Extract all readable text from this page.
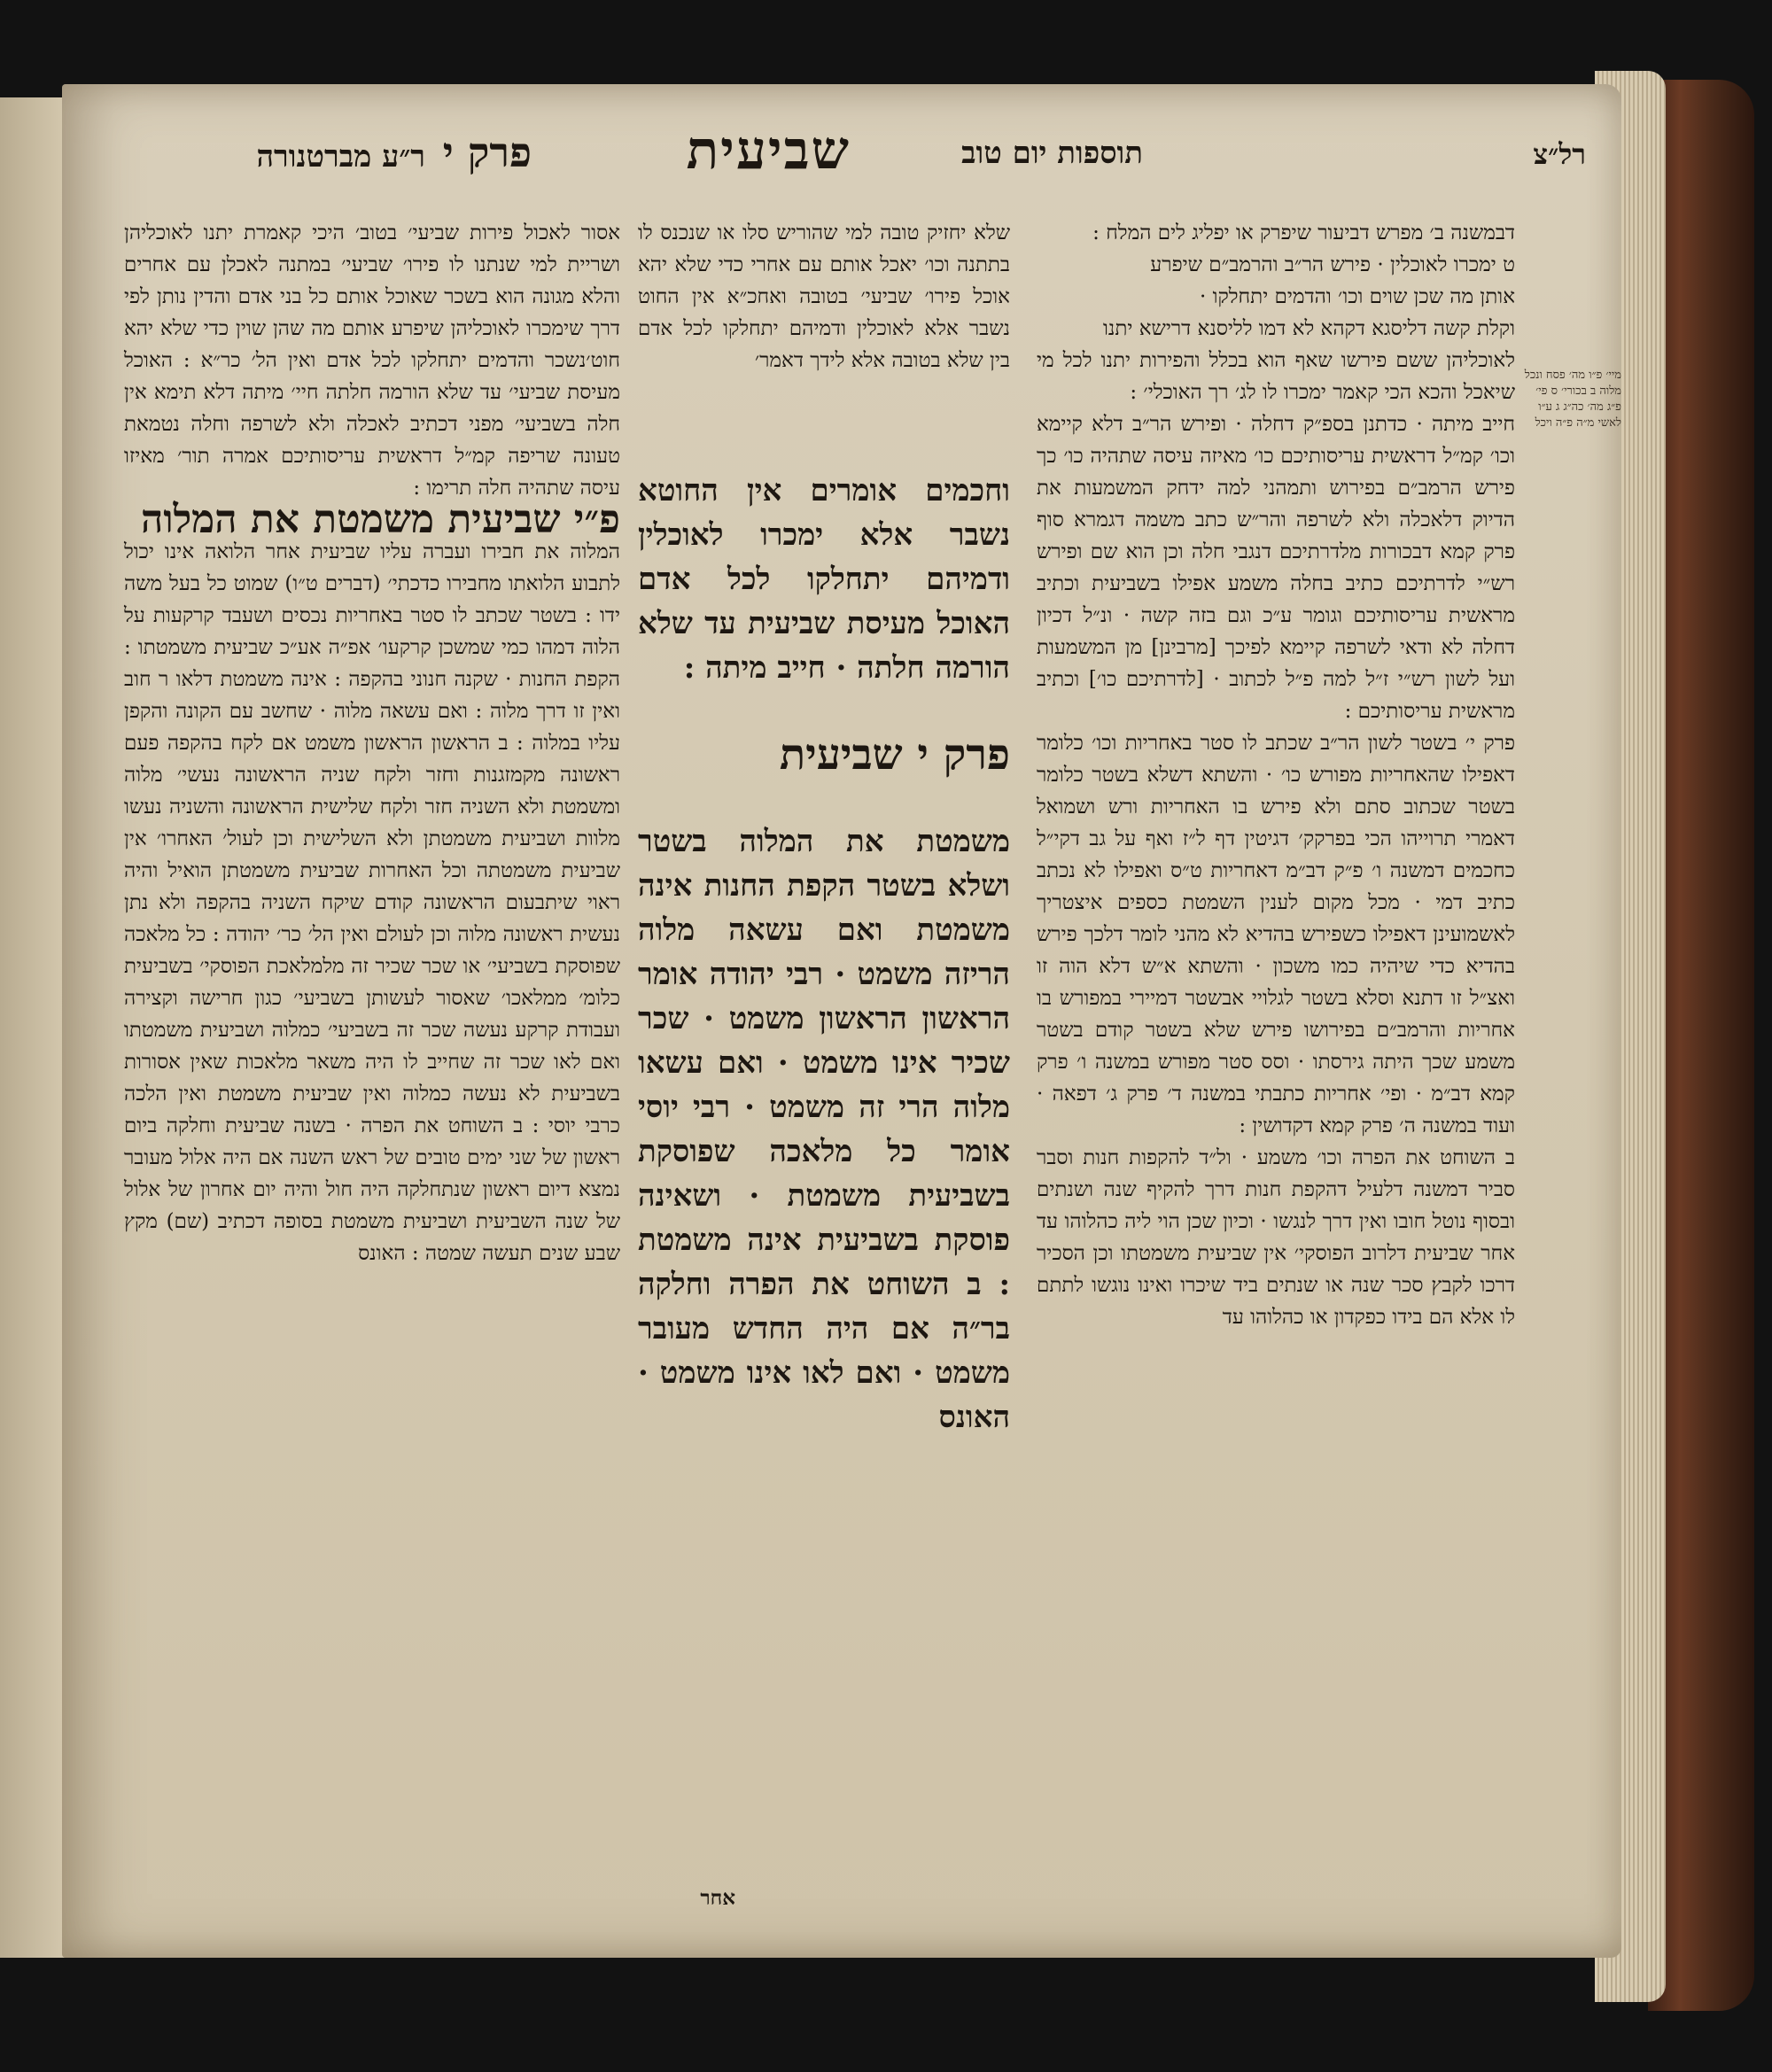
רל״צ
תוספות יום טוב
שביעית
פרק י
ר״ע מברטנורה
מיי׳ פ״ו מה׳ פסח ונכל מלוה ב בכורי׳ ס פי׳ פ״ג מה׳ כה״ג ג ע״ו לאשי מ״ה פ״ה ויכל

דבמשנה ב׳ מפרש דביעור שיפרק או יפליג לים המלח :

ט ימכרו לאוכלין · פירש הר״ב והרמב״ם שיפרע

אותן מה שכן שוים וכו׳ והדמים יתחלקו ·

וקלת קשה דליסגא דקהא לא דמו לליסנא דרישא יתנו

לאוכליהן ששם פירשו שאף הוא בכלל והפירות יתנו לכל מי שיאכל והכא הכי קאמר ימכרו לו לג׳ רך האוכלי׳ :

חייב מיתה · כדתנן בספ״ק דחלה · ופירש הר״ב דלא קיימא וכו׳ קמ״ל דראשית עריסותיכם כו׳ מאיזה עיסה שתהיה כו׳ כך פירש הרמב״ם בפירוש ותמהני למה ידחק המשמעות את הדיוק דלאכלה ולא לשרפה והר״ש כתב משמה דגמרא סוף פרק קמא דבכורות מלדרתיכם דנגבי חלה וכן הוא שם ופירש רש״י לדרתיכם כתיב בחלה משמע אפילו בשביעית וכתיב מראשית עריסותיכם וגומר ע״כ וגם בזה קשה · ונ״ל דכיון דחלה לא ודאי לשרפה קיימא לפיכך [מרבינן] מן המשמעות ועל לשון רש״י ז״ל למה פ״ל לכתוב · [לדרתיכם כו׳] וכתיב מראשית עריסותיכם :

פרק י׳ בשטר לשון הר״ב שכתב לו סטר באחריות וכו׳ כלומר דאפילו שהאחריות מפורש כו׳ · והשתא דשלא בשטר כלומר בשטר שכתוב סתם ולא פירש בו האחריות ורש ושמואל דאמרי תרוייהו הכי בפרקק׳ דגיטין דף ל״ז ואף על גב דקי״ל כחכמים דמשנה ו׳ פ״ק דב״מ דאחריות ט״ס ואפילו לא נכתב כתיב דמי · מכל מקום לענין השמטת כספים איצטריך לאשמועינן דאפילו כשפירש בהדיא לא מהני לומר דלכך פירש בהדיא כדי שיהיה כמו משכון · והשתא א״ש דלא הוה זו ואצ״ל זו דתנא וסלא בשטר לגלויי אבשטר דמיירי במפורש בו אחריות והרמב״ם בפירושו פירש שלא בשטר קודם בשטר משמע שכך היתה גירסתו · וסס סטר מפורש במשנה ו׳ פרק קמא דב״מ · ופי׳ אחריות כתבתי במשנה ד׳ פרק ג׳ דפאה · ועוד במשנה ה׳ פרק קמא דקדושין :

ב השוחט את הפרה וכו׳ משמע · ול״ד להקפות חנות וסבר סביר דמשנה דלעיל דהקפת חנות דרך להקיף שנה ושנתים ובסוף נוטל חובו ואין דרך לנגשו · וכיון שכן הוי ליה כהלוהו עד אחר שביעית דלרוב הפוסקי׳ אין שביעית משמטתו וכן הסכיר דרכו לקבץ סכר שנה או שנתים ביד שיכרו ואינו נוגשו לתתם לו אלא הם בידו כפקדון או כהלוהו עד

שלא יחזיק טובה למי שהוריש סלו או שנכנס לו בתתנה וכו׳ יאכל אותם עם אחרי כדי שלא יהא אוכל פירו׳ שביעי׳ בטובה ואחכ״א אין החוט נשבר אלא לאוכלין ודמיהם יתחלקו לכל אדם בין שלא בטובה אלא לידך דאמר׳

וחכמים אומרים אין החוטא נשבר אלא ימכרו לאוכלין ודמיהם יתחלקו לכל אדם האוכל מעיסת שביעית עד שלא הורמה חלתה · חייב מיתה :

פרק י שביעית

משמטת את המלוה בשטר ושלא בשטר הקפת החנות אינה משמטת ואם עשאה מלוה הריזה משמט · רבי יהודה אומר הראשון הראשון משמט · שכר שכיר אינו משמט · ואם עשאו מלוה הרי זה משמט · רבי יוסי אומר כל מלאכה שפוסקת בשביעית משמטת · ושאינה פוסקת בשביעית אינה משמטת : ב השוחט את הפרה וחלקה בר״ה אם היה החדש מעובר משמט · ואם לאו אינו משמט · האונס

אסור לאכול פירות שביעי׳ בטוב׳ היכי קאמרת יתנו לאוכליהן ושריית למי שנתנו לו פירו׳ שביעי׳ במתנה לאכלן עם אחרים והלא מגונה הוא בשכר שאוכל אותם כל בני אדם והדין נותן לפי דרך שימכרו לאוכליהן שיפרע אותם מה שהן שוין כדי שלא יהא חוט׳נשכר והדמים יתחלקו לכל אדם ואין הל׳ כר״א : האוכל מעיסת שביעי׳ עד שלא הורמה חלתה חיי׳ מיתה דלא תימא אין חלה בשביעי׳ מפני דכתיב לאכלה ולא לשרפה וחלה נטמאת טעונה שריפה קמ״ל דראשית עריסותיכם אמרה תור׳ מאיזו עיסה שתהיה חלה תרימו :

פ״י שביעית משמטת את המלוה

המלוה את חבירו ועברה עליו שביעית אחר הלואה אינו יכול לתבוע הלואתו מחבירו כדכתי׳ (דברים ט״ו) שמוט כל בעל משה ידו : בשטר שכתב לו סטר באחריות נכסים ושעבד קרקעות על הלוה דמהו כמי שמשכן קרקעו׳ אפ״ה אע״כ שביעית משמטתו : הקפת החנות · שקנה חנוני בהקפה : אינה משמטת דלאו ר חוב ואין זו דרך מלוה : ואם עשאה מלוה · שחשב עם הקונה והקפן עליו במלוה : ב הראשון הראשון משמט אם לקח בהקפה פעם ראשונה מקמזגנות וחזר ולקח שניה הראשונה נעשי׳ מלוה ומשמטת ולא השניה חזר ולקח שלישית הראשונה והשניה נעשו מלוות ושביעית משמטתן ולא השלישית וכן לעול׳ האחרו׳ אין שביעית משמטתה וכל האחרות שביעית משמטתן הואיל והיה ראוי שיתבעום הראשונה קודם שיקח השניה בהקפה ולא נתן נעשית ראשונה מלוה וכן לעולם ואין הל׳ כר׳ יהודה : כל מלאכה שפוסקת בשביעי׳ או שכר שכיר זה מלמלאכת הפוסקי׳ בשביעית כלומ׳ ממלאכו׳ שאסור לעשותן בשביעי׳ כגון חרישה וקצירה ועבודת קרקע נעשה שכר זה בשביעי׳ כמלוה ושביעית משמטתו ואם לאו שכר זה שחייב לו היה משאר מלאכות שאין אסורות בשביעית לא נעשה כמלוה ואין שביעית משמטת ואין הלכה כרבי יוסי : ב השוחט את הפרה · בשנה שביעית וחלקה ביום ראשון של שני ימים טובים של ראש השנה אם היה אלול מעובר נמצא דיום ראשון שנתחלקה היה חול והיה יום אחרון של אלול של שנה השביעית ושביעית משמטת בסופה דכתיב (שם) מקץ שבע שנים תעשה שמטה : האונס

אחר
